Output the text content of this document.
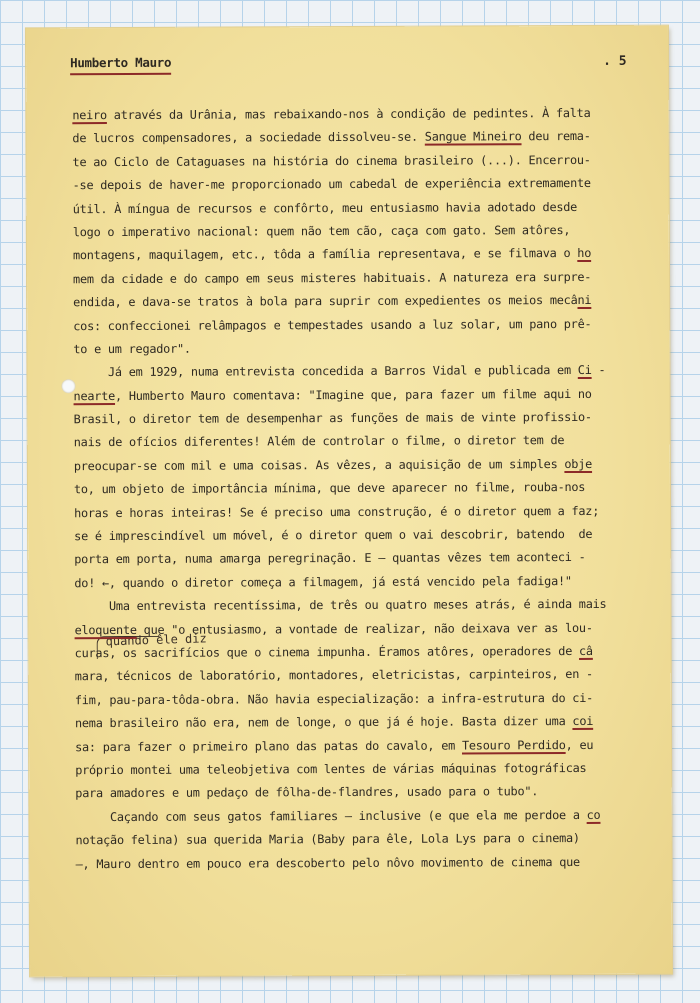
Humberto Mauro	. 5
quando êle diz
neiro através da Urânia, mas rebaixando-nos à condição de pedintes. À falta
de lucros compensadores, a sociedade dissolveu-se. Sangue Mineiro deu rema-
te ao Ciclo de Cataguases na história do cinema brasileiro (...). Encerrou-
-se depois de haver-me proporcionado um cabedal de experiência extremamente
útil. À míngua de recursos e confôrto, meu entusiasmo havia adotado desde
logo o imperativo nacional: quem não tem cão, caça com gato. Sem atôres,
montagens, maquilagem, etc., tôda a família representava, e se filmava o ho
mem da cidade e do campo em seus misteres habituais. A natureza era surpre-
endida, e dava-se tratos à bola para suprir com expedientes os meios mecâni
cos: confeccionei relâmpagos e tempestades usando a luz solar, um pano prê-
to e um regador".
Já em 1929, numa entrevista concedida a Barros Vidal e publicada em Ci -
nearte, Humberto Mauro comentava: "Imagine que, para fazer um filme aqui no
Brasil, o diretor tem de desempenhar as funções de mais de vinte profissio-
nais de ofícios diferentes! Além de controlar o filme, o diretor tem de
preocupar-se com mil e uma coisas. As vêzes, a aquisição de um simples obje
to, um objeto de importância mínima, que deve aparecer no filme, rouba-nos
horas e horas inteiras! Se é preciso uma construção, é o diretor quem a faz;
se é imprescindível um móvel, é o diretor quem o vai descobrir, batendo  de
porta em porta, numa amarga peregrinação. E — quantas vêzes tem aconteci -
do! ←, quando o diretor começa a filmagem, já está vencido pela fadiga!"
Uma entrevista recentíssima, de três ou quatro meses atrás, é ainda mais
eloquente que "o entusiasmo, a vontade de realizar, não deixava ver as lou-
curas, os sacrifícios que o cinema impunha. Éramos atôres, operadores de câ
mara, técnicos de laboratório, montadores, eletricistas, carpinteiros, en -
fim, pau-para-tôda-obra. Não havia especialização: a infra-estrutura do ci-
nema brasileiro não era, nem de longe, o que já é hoje. Basta dizer uma coi
sa: para fazer o primeiro plano das patas do cavalo, em Tesouro Perdido, eu
próprio montei uma teleobjetiva com lentes de várias máquinas fotográficas
para amadores e um pedaço de fôlha-de-flandres, usado para o tubo".
Caçando com seus gatos familiares — inclusive (e que ela me perdoe a co
notação felina) sua querida Maria (Baby para êle, Lola Lys para o cinema)
—, Mauro dentro em pouco era descoberto pelo nôvo movimento de cinema que
